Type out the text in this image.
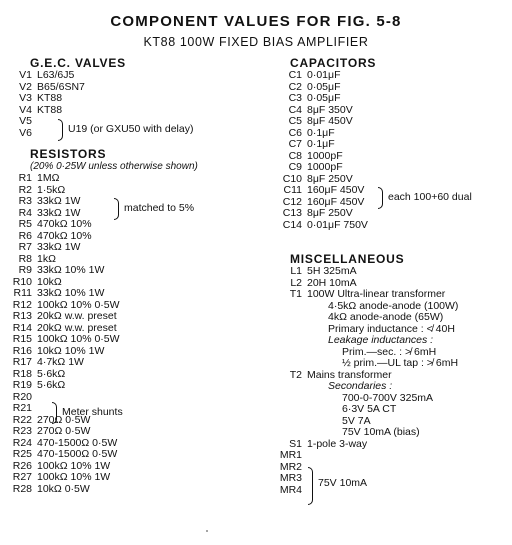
COMPONENT VALUES FOR FIG. 5-8
KT88 100W FIXED BIAS AMPLIFIER
G.E.C. VALVES
V1 L63/6J5
V2 B65/6SN7
V3 KT88
V4 KT88
V5
V6	U19 (or GXU50 with delay)
RESISTORS
(20% 0·25W unless otherwise shown)
R1 1MΩ
R2 1·5kΩ
R3 33kΩ 1W
R4 33kΩ 1W
R5 470kΩ 10%
R6 470kΩ 10%
R7 33kΩ 1W
R8 1kΩ
R9 33kΩ 10% 1W
R10 10kΩ
R11 33kΩ 10% 1W
R12 100kΩ 10% 0·5W
R13 20kΩ w.w. preset
R14 20kΩ w.w. preset
R15 100kΩ 10% 0·5W
R16 10kΩ 10% 1W
R17 4·7kΩ 1W
R18 5·6kΩ
R19 5·6kΩ
R20
R21
R22 270Ω 0·5W
R23 270Ω 0·5W
R24 470-1500Ω 0·5W
R25 470-1500Ω 0·5W
R26 100kΩ 10% 1W
R27 100kΩ 10% 1W
R28 10kΩ 0·5W
matched to 5%
Meter shunts
CAPACITORS
C1 0·01μF
C2 0·05μF
C3 0·05μF
C4 8μF 350V
C5 8μF 450V
C6 0·1μF
C7 0·1μF
C8 1000pF
C9 1000pF
C10 8μF 250V
C11 160μF 450V
C12 160μF 450V
C13 8μF 250V
C14 0·01μF 750V
each 100+60 dual
MISCELLANEOUS
L1 5H 325mA
L2 20H 10mA
T1 100W Ultra-linear transformer
4·5kΩ anode-anode (100W)
4kΩ anode-anode (65W)
Primary inductance : ≮ 40H
Leakage inductances :
Prim.—sec. : ≯ 6mH
½ prim.—UL tap : ≯ 6mH
T2 Mains transformer
Secondaries :
700-0-700V 325mA
6·3V 5A CT
5V 7A
75V 10mA (bias)
S1 1-pole 3-way
MR1
MR2
MR3
MR4
75V 10mA
